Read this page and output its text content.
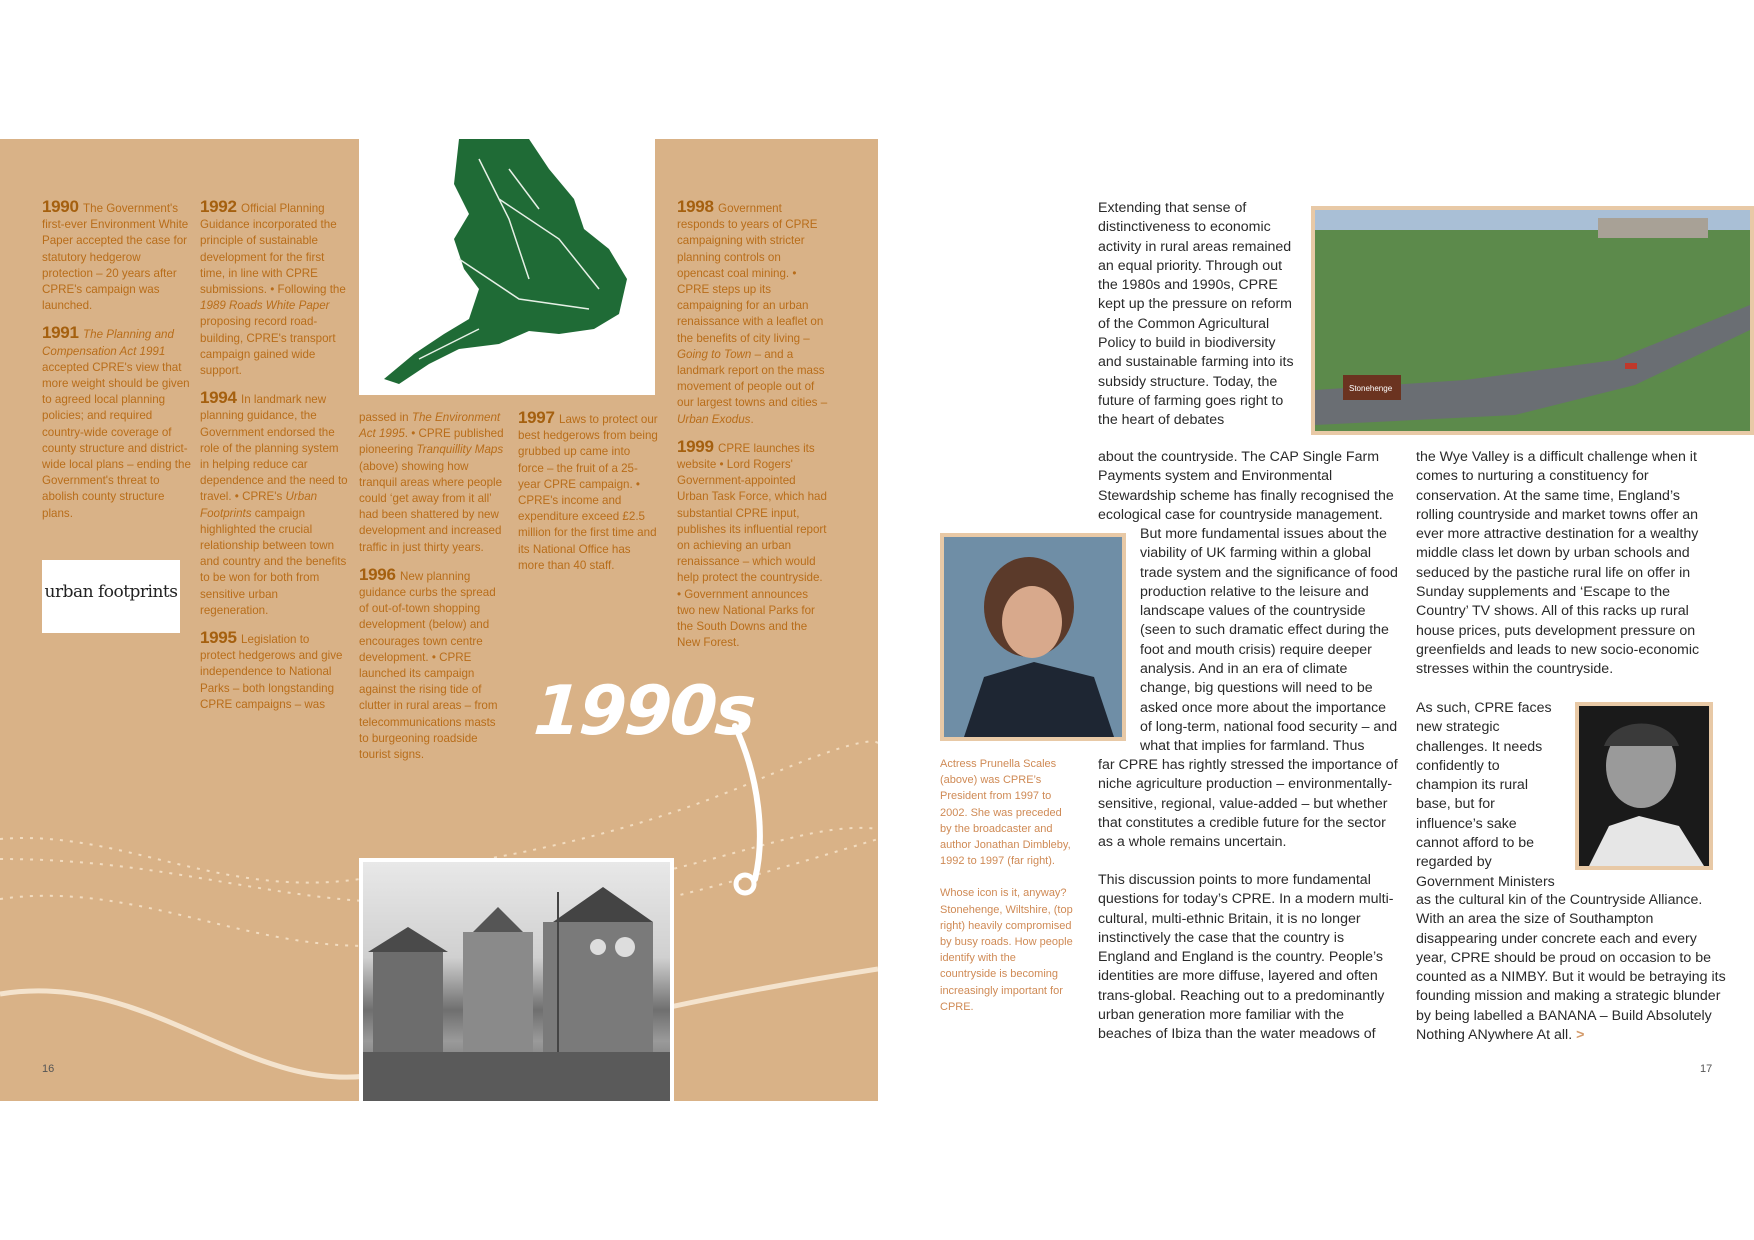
urban footprints

1990 The Government's first-ever Environment White Paper accepted the case for statutory hedgerow protection – 20 years after CPRE's campaign was launched.

1991 The Planning and Compensation Act 1991 accepted CPRE's view that more weight should be given to agreed local planning policies; and required country-wide coverage of county structure and district-wide local plans – ending the Government's threat to abolish county structure plans.

1992 Official Planning Guidance incorporated the principle of sustainable development for the first time, in line with CPRE submissions. • Following the 1989 Roads White Paper proposing record road-building, CPRE's transport campaign gained wide support.

1994 In landmark new planning guidance, the Government endorsed the role of the planning system in helping reduce car dependence and the need to travel. • CPRE's Urban Footprints campaign highlighted the crucial relationship between town and country and the benefits to be won for both from sensitive urban regeneration.

1995 Legislation to protect hedgerows and give independence to National Parks – both longstanding CPRE campaigns – was

passed in The Environment Act 1995. • CPRE published pioneering Tranquillity Maps (above) showing how tranquil areas where people could ‘get away from it all’ had been shattered by new development and increased traffic in just thirty years.

1996 New planning guidance curbs the spread of out-of-town shopping development (below) and encourages town centre development. • CPRE launched its campaign against the rising tide of clutter in rural areas – from telecommunications masts to burgeoning roadside tourist signs.

1997 Laws to protect our best hedgerows from being grubbed up came into force – the fruit of a 25-year CPRE campaign. • CPRE's income and expenditure exceed £2.5 million for the first time and its National Office has more than 40 staff.

1998 Government responds to years of CPRE campaigning with stricter planning controls on opencast coal mining. • CPRE steps up its campaigning for an urban renaissance with a leaflet on the benefits of city living – Going to Town – and a landmark report on the mass movement of people out of our largest towns and cities – Urban Exodus.

1999 CPRE launches its website • Lord Rogers' Government-appointed Urban Task Force, which had substantial CPRE input, publishes its influential report on achieving an urban renaissance – which would help protect the countryside. • Government announces two new National Parks for the South Downs and the New Forest.

1990s
16
Stonehenge
Extending that sense of distinctiveness to economic activity in rural areas remained an equal priority. Through out the 1980s and 1990s, CPRE kept up the pressure on reform of the Common Agricultural Policy to build in biodiversity and sustainable farming into its subsidy structure. Today, the future of farming goes right to the heart of debates
about the countryside. The CAP Single Farm Payments system and Environmental Stewardship scheme has finally recognised the ecological case for countryside management.
But more fundamental issues about the viability of UK farming within a global trade system and the significance of food production relative to the leisure and landscape values of the countryside (seen to such dramatic effect during the foot and mouth crisis) require deeper analysis. And in an era of climate change, big questions will need to be asked once more about the importance of long-term, national food security – and what that implies for farmland. Thus
far CPRE has rightly stressed the importance of niche agriculture production – environmentally-sensitive, regional, value-added – but whether that constitutes a credible future for the sector as a whole remains uncertain.
This discussion points to more fundamental questions for today’s CPRE. In a modern multi-cultural, multi-ethnic Britain, it is no longer instinctively the case that the country is England and England is the country. People’s identities are more diffuse, layered and often trans-global. Reaching out to a predominantly urban generation more familiar with the beaches of Ibiza than the water meadows of

Actress Prunella Scales (above) was CPRE’s President from 1997 to 2002. She was preceded by the broadcaster and author Jonathan Dimbleby, 1992 to 1997 (far right).

Whose icon is it, anyway? Stonehenge, Wiltshire, (top right) heavily compromised by busy roads. How people identify with the countryside is becoming increasingly important for CPRE.

the Wye Valley is a difficult challenge when it comes to nurturing a constituency for conservation. At the same time, England’s rolling countryside and market towns offer an ever more attractive destination for a wealthy middle class let down by urban schools and seduced by the pastiche rural life on offer in Sunday supplements and ‘Escape to the Country’ TV shows. All of this racks up rural house prices, puts development pressure on greenfields and leads to new socio-economic stresses within the countryside.
As such, CPRE faces new strategic challenges. It needs confidently to champion its rural base, but for influence’s sake cannot afford to be regarded by Government Ministers
as the cultural kin of the Countryside Alliance. With an area the size of Southampton disappearing under concrete each and every year, CPRE should be proud on occasion to be counted as a NIMBY. But it would be betraying its founding mission and making a strategic blunder by being labelled a BANANA – Build Absolutely Nothing ANywhere At all. >
17
